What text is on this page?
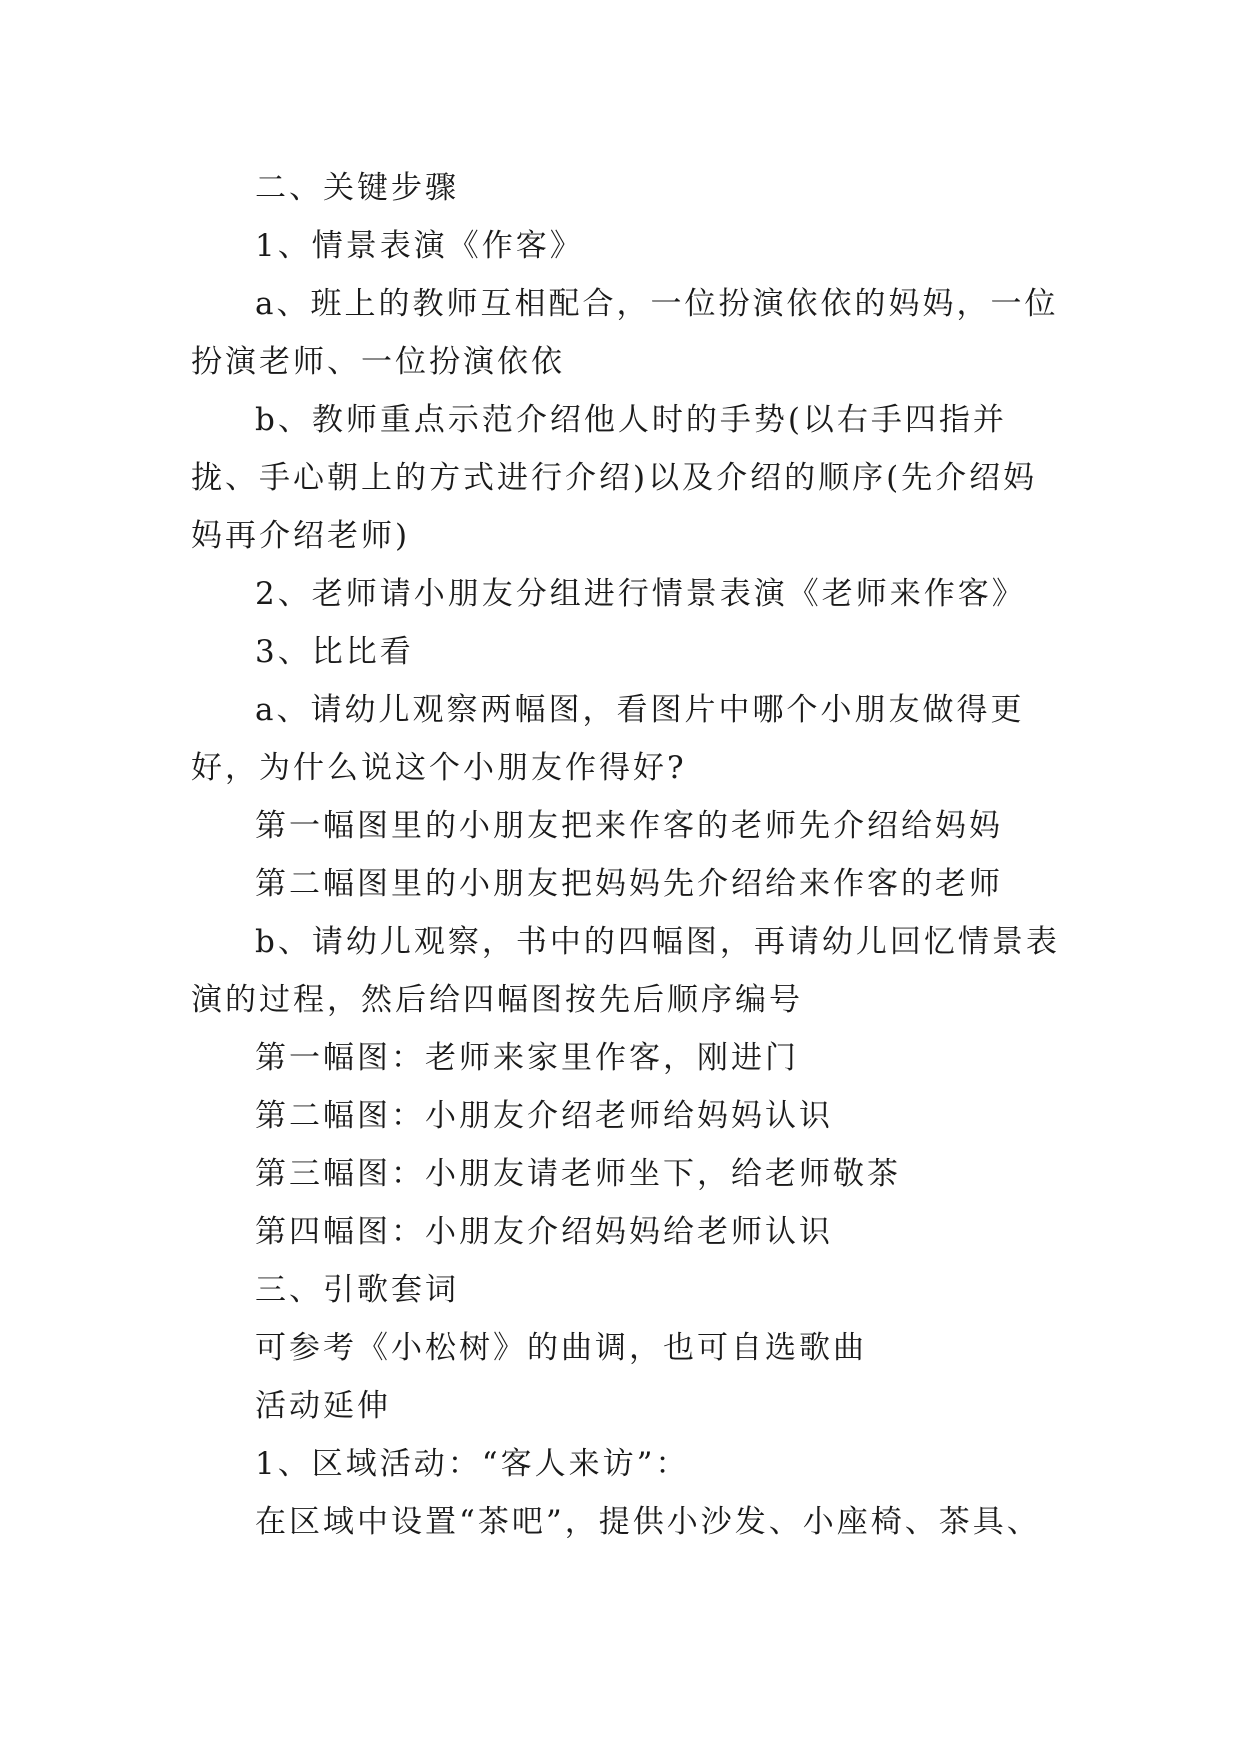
二、关键步骤

1、情景表演《作客》

a、班上的教师互相配合，一位扮演依依的妈妈，一位扮演老师、一位扮演依依

b、教师重点示范介绍他人时的手势(以右手四指并拢、手心朝上的方式进行介绍)以及介绍的顺序(先介绍妈妈再介绍老师)

2、老师请小朋友分组进行情景表演《老师来作客》

3、比比看

a、请幼儿观察两幅图，看图片中哪个小朋友做得更好，为什么说这个小朋友作得好?

第一幅图里的小朋友把来作客的老师先介绍给妈妈

第二幅图里的小朋友把妈妈先介绍给来作客的老师

b、请幼儿观察，书中的四幅图，再请幼儿回忆情景表演的过程，然后给四幅图按先后顺序编号

第一幅图：老师来家里作客，刚进门

第二幅图：小朋友介绍老师给妈妈认识

第三幅图：小朋友请老师坐下，给老师敬茶

第四幅图：小朋友介绍妈妈给老师认识

三、引歌套词

可参考《小松树》的曲调，也可自选歌曲

活动延伸

1、区域活动：“客人来访”：

在区域中设置“茶吧”，提供小沙发、小座椅、茶具、
